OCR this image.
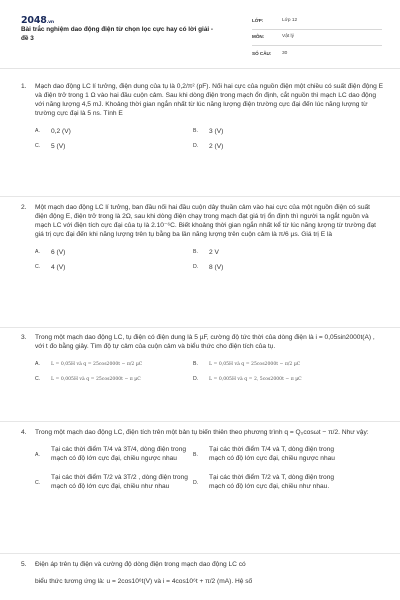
2048.vn
Bài trắc nghiệm dao động điện từ chọn lọc cực hay có lời giải - đề 3
LỚP:	Lớp 12
MÔN:	Vật lý
SỐ CÂU:	30
1.	Mạch dao động LC lí tưởng, điện dung của tụ là 0,2/π² (pF). Nối hai cực của nguồn điện một chiều có suất điện động E và điện trở trong 1 Ω vào hai đầu cuộn cảm. Sau khi dòng điện trong mạch ổn định, cắt nguồn thì mạch LC dao động với năng lượng 4,5 mJ. Khoảng thời gian ngắn nhất từ lúc năng lượng điện trường cực đại đến lúc năng lượng từ trường cực đại là 5 ns. Tính E
A.	0,2 (V)	B.	3 (V)
C.	5 (V)	D.	2 (V)
2.	Một mạch dao động LC lí tưởng, ban đầu nối hai đầu cuộn dây thuần cảm vào hai cực của một nguồn điện có suất điện động E, điện trở trong là 2Ω, sau khi dòng điện chạy trong mạch đạt giá trị ổn định thì người ta ngắt nguồn và mạch LC với điện tích cực đại của tụ là 2.10⁻⁶C. Biết khoảng thời gian ngắn nhất kể từ lúc năng lượng từ trường đạt giá trị cực đại đến khi năng lượng trên tụ bằng ba lần năng lượng trên cuộn cảm là π/6 µs. Giá trị E là
A.	6 (V)	B.	2 V
C.	4 (V)	D.	8 (V)
3.	Trong một mạch dao động LC, tụ điện có điện dung là 5 µF, cường độ tức thời của dòng điện là i = 0,05sin2000t(A) , với t đo bằng giây. Tìm độ tự cảm của cuộn cảm và biểu thức cho điện tích của tụ.
A.	L = 0,05H và q = 25cos2000t − π/2 µC	B.	L = 0,05H và q = 25cos2000t − π/2 µC
C.	L = 0,005H và q = 25cos2000t − π µC	D.	L = 0,005H và q = 2, 5cos2000t − π µC
4.	Trong một mạch dao động LC, điện tích trên một bản tụ biến thiên theo phương trình q = Q₀cosωt − π/2. Như vậy:
A.
Tại các thời điểm T/4 và 3T/4, dòng điện trong mạch có độ lớn cực đại, chiều ngược nhau
B.
Tại các thời điểm T/4 và T, dòng điện trong mạch có độ lớn cực đại, chiều ngược nhau
C.
Tại các thời điểm T/2 và 3T/2 , dòng điện trong mạch có độ lớn cực đại, chiều như nhau
D.
Tại các thời điểm T/2 và T, dòng điện trong mạch có độ lớn cực đại, chiều như nhau.
5.	Điện áp trên tụ điện và cường độ dòng điện trong mạch dao động LC có
biểu thức tương ứng là: u = 2cos10⁶t(V) và i = 4cos10⁶t + π/2 (mA). Hệ số
